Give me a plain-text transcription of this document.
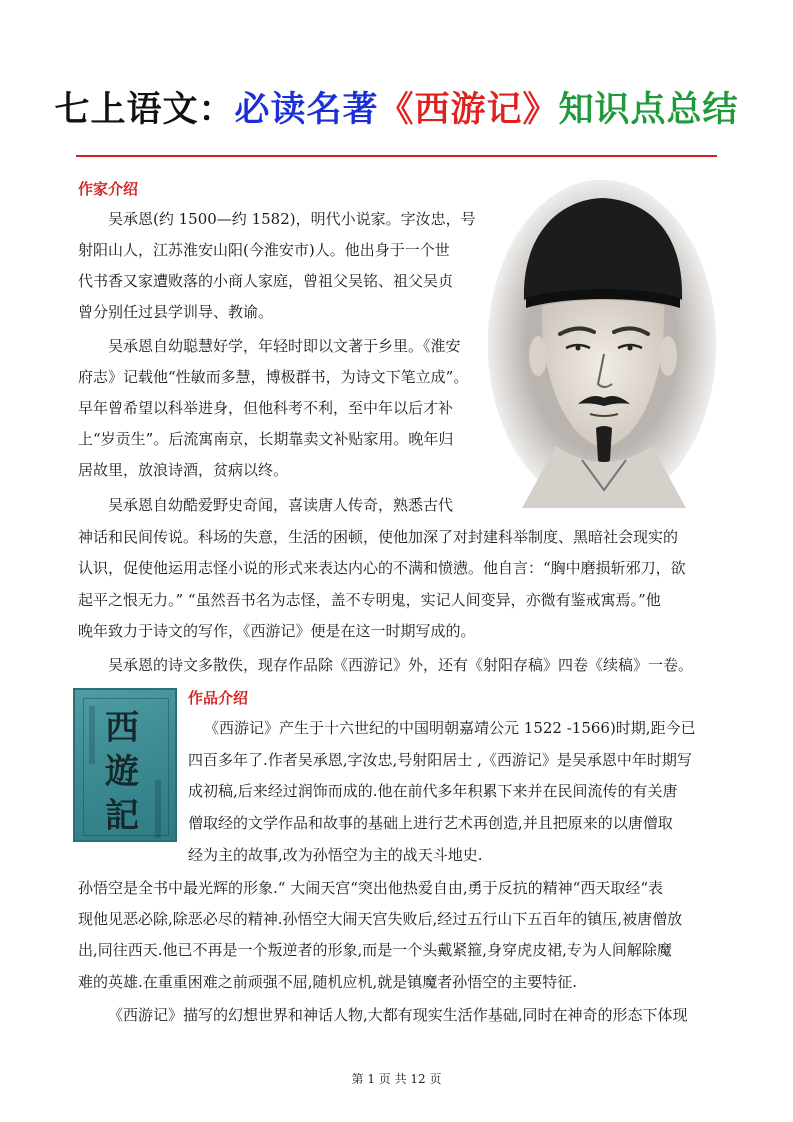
七上语文：必读名著《西游记》知识点总结
作家介绍
吴承恩(约 1500—约 1582)，明代小说家。字汝忠，号
射阳山人，江苏淮安山阳(今淮安市)人。他出身于一个世
代书香又家遭败落的小商人家庭，曾祖父吴铭、祖父吴贞
曾分别任过县学训导、教谕。
吴承恩自幼聪慧好学，年轻时即以文著于乡里。《淮安
府志》记载他“性敏而多慧，博极群书，为诗文下笔立成”。
早年曾希望以科举进身，但他科考不利，至中年以后才补
上“岁贡生”。后流寓南京，长期靠卖文补贴家用。晚年归
居故里，放浪诗酒，贫病以终。
吴承恩自幼酷爱野史奇闻，喜读唐人传奇，熟悉古代
神话和民间传说。科场的失意，生活的困顿，使他加深了对封建科举制度、黑暗社会现实的
认识，促使他运用志怪小说的形式来表达内心的不满和愤懑。他自言：“胸中磨损斩邪刀，欲
起平之恨无力。” “虽然吾书名为志怪，盖不专明鬼，实记人间变异，亦微有鉴戒寓焉。”他
晚年致力于诗文的写作，《西游记》便是在这一时期写成的。
吴承恩的诗文多散佚，现存作品除《西游记》外，还有《射阳存稿》四卷《续稿》一卷。
西
遊
記
作品介绍
《西游记》产生于十六世纪的中国明朝嘉靖公元 1522 -1566)时期,距今已
四百多年了.作者吴承恩,字汝忠,号射阳居士 ,《西游记》是吴承恩中年时期写
成初稿,后来经过润饰而成的.他在前代多年积累下来并在民间流传的有关唐
僧取经的文学作品和故事的基础上进行艺术再创造,并且把原来的以唐僧取
经为主的故事,改为孙悟空为主的战天斗地史.
孙悟空是全书中最光辉的形象.“ 大闹天宫“突出他热爱自由,勇于反抗的精神“西天取经“表
现他见恶必除,除恶必尽的精神.孙悟空大闹天宫失败后,经过五行山下五百年的镇压,被唐僧放
出,同往西天.他已不再是一个叛逆者的形象,而是一个头戴紧箍,身穿虎皮裙,专为人间解除魔
难的英雄.在重重困难之前顽强不屈,随机应机,就是镇魔者孙悟空的主要特征.
《西游记》描写的幻想世界和神话人物,大都有现实生活作基础,同时在神奇的形态下体现
第 1 页 共 12 页
